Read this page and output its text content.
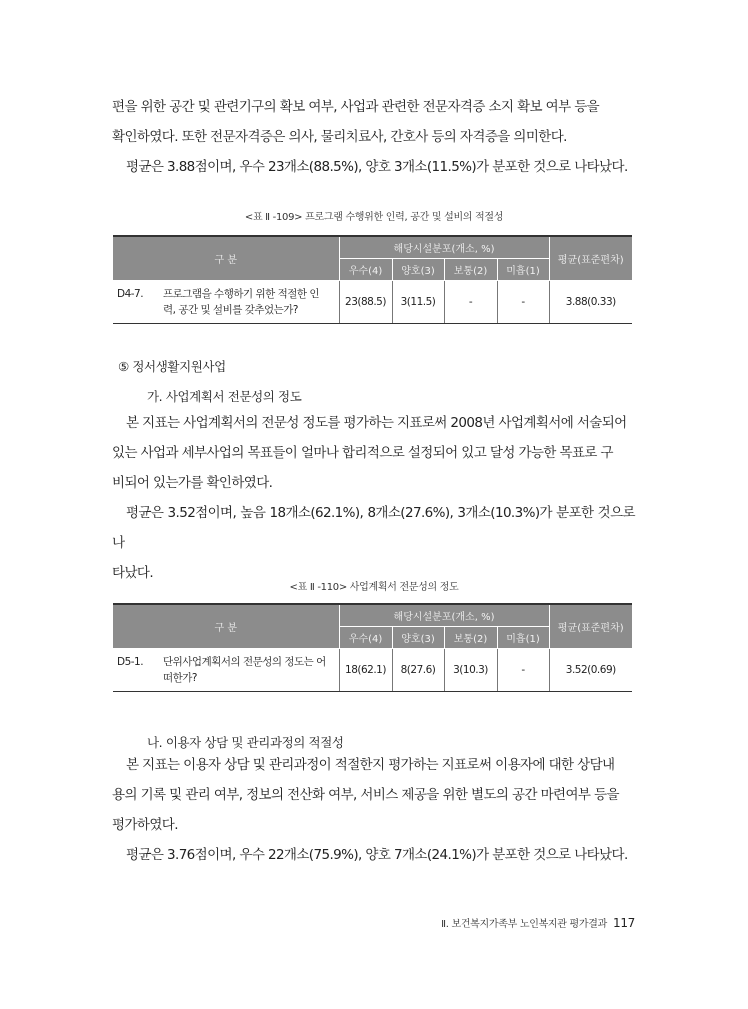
편을 위한 공간 및 관련기구의 확보 여부, 사업과 관련한 전문자격증 소지 확보 여부 등을
확인하였다. 또한 전문자격증은 의사, 물리치료사, 간호사 등의 자격증을 의미한다.
평균은 3.88점이며, 우수 23개소(88.5%), 양호 3개소(11.5%)가 분포한 것으로 나타났다.

<표 Ⅱ -109> 프로그램 수행위한 인력, 공간 및 설비의 적절성
구 분	해당시설분포(개소, %)				평균(표준편차)
	우수(4)	양호(3)	보통(2)	미흡(1)	
D4-7. 프로그램을 수행하기 위한 적절한 인
력, 공간 및 설비를 갖추었는가?	23(88.5)	3(11.5)	-	-	3.88(0.33)

⑤ 정서생활지원사업

가. 사업계획서 전문성의 정도

본 지표는 사업계획서의 전문성 정도를 평가하는 지표로써 2008년 사업계획서에 서술되어
있는 사업과 세부사업의 목표들이 얼마나 합리적으로 설정되어 있고 달성 가능한 목표로 구
비되어 있는가를 확인하였다.
평균은 3.52점이며, 높음 18개소(62.1%), 8개소(27.6%), 3개소(10.3%)가 분포한 것으로 나
타났다.

<표 Ⅱ -110> 사업계획서 전문성의 정도
구 분	해당시설분포(개소, %)				평균(표준편차)
	우수(4)	양호(3)	보통(2)	미흡(1)	
D5-1. 단위사업계획서의 전문성의 정도는 어
떠한가?	18(62.1)	8(27.6)	3(10.3)	-	3.52(0.69)

나. 이용자 상담 및 관리과정의 적절성

본 지표는 이용자 상담 및 관리과정이 적절한지 평가하는 지표로써 이용자에 대한 상담내
용의 기록 및 관리 여부, 정보의 전산화 여부, 서비스 제공을 위한 별도의 공간 마련여부 등을
평가하였다.
평균은 3.76점이며, 우수 22개소(75.9%), 양호 7개소(24.1%)가 분포한 것으로 나타났다.

Ⅱ. 보건복지가족부 노인복지관 평가결과 117
